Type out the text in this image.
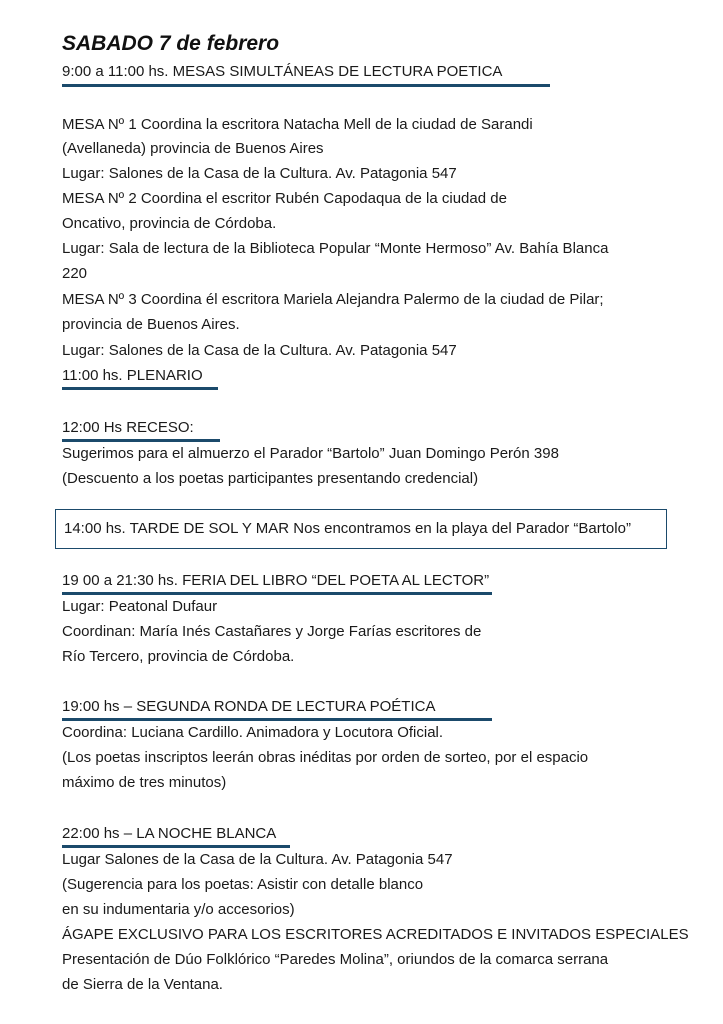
SABADO 7 de febrero
9:00 a 11:00 hs. MESAS SIMULTÁNEAS DE LECTURA POETICA
MESA Nº 1 Coordina la escritora Natacha Mell de la ciudad de Sarandi
(Avellaneda) provincia de Buenos Aires
Lugar: Salones de la Casa de la Cultura. Av. Patagonia 547
MESA Nº 2 Coordina el escritor Rubén Capodaqua de la ciudad de
Oncativo, provincia de Córdoba.
Lugar: Sala de lectura de la Biblioteca Popular “Monte Hermoso” Av. Bahía Blanca
220
MESA Nº 3 Coordina él escritora Mariela Alejandra Palermo de la ciudad de Pilar;
provincia de Buenos Aires.
Lugar: Salones de la Casa de la Cultura. Av. Patagonia 547
11:00 hs. PLENARIO
12:00 Hs RECESO:
Sugerimos para el almuerzo el Parador “Bartolo” Juan Domingo Perón 398
(Descuento a los poetas participantes presentando credencial)
14:00 hs. TARDE DE SOL Y MAR Nos encontramos en la playa del Parador “Bartolo”
19 00 a 21:30 hs. FERIA DEL LIBRO “DEL POETA AL LECTOR”
Lugar: Peatonal Dufaur
Coordinan: María Inés Castañares y Jorge Farías escritores de
Río Tercero, provincia de Córdoba.
19:00 hs – SEGUNDA RONDA DE LECTURA POÉTICA
Coordina: Luciana Cardillo. Animadora y Locutora Oficial.
(Los poetas inscriptos leerán obras inéditas por orden de sorteo, por el espacio
máximo de tres minutos)
22:00 hs – LA NOCHE BLANCA
Lugar Salones de la Casa de la Cultura. Av. Patagonia 547
(Sugerencia para los poetas: Asistir con detalle blanco
en su indumentaria y/o accesorios)
ÁGAPE EXCLUSIVO PARA LOS ESCRITORES ACREDITADOS E INVITADOS ESPECIALES
Presentación de Dúo Folklórico “Paredes Molina”, oriundos de la comarca serrana
de Sierra de la Ventana.
